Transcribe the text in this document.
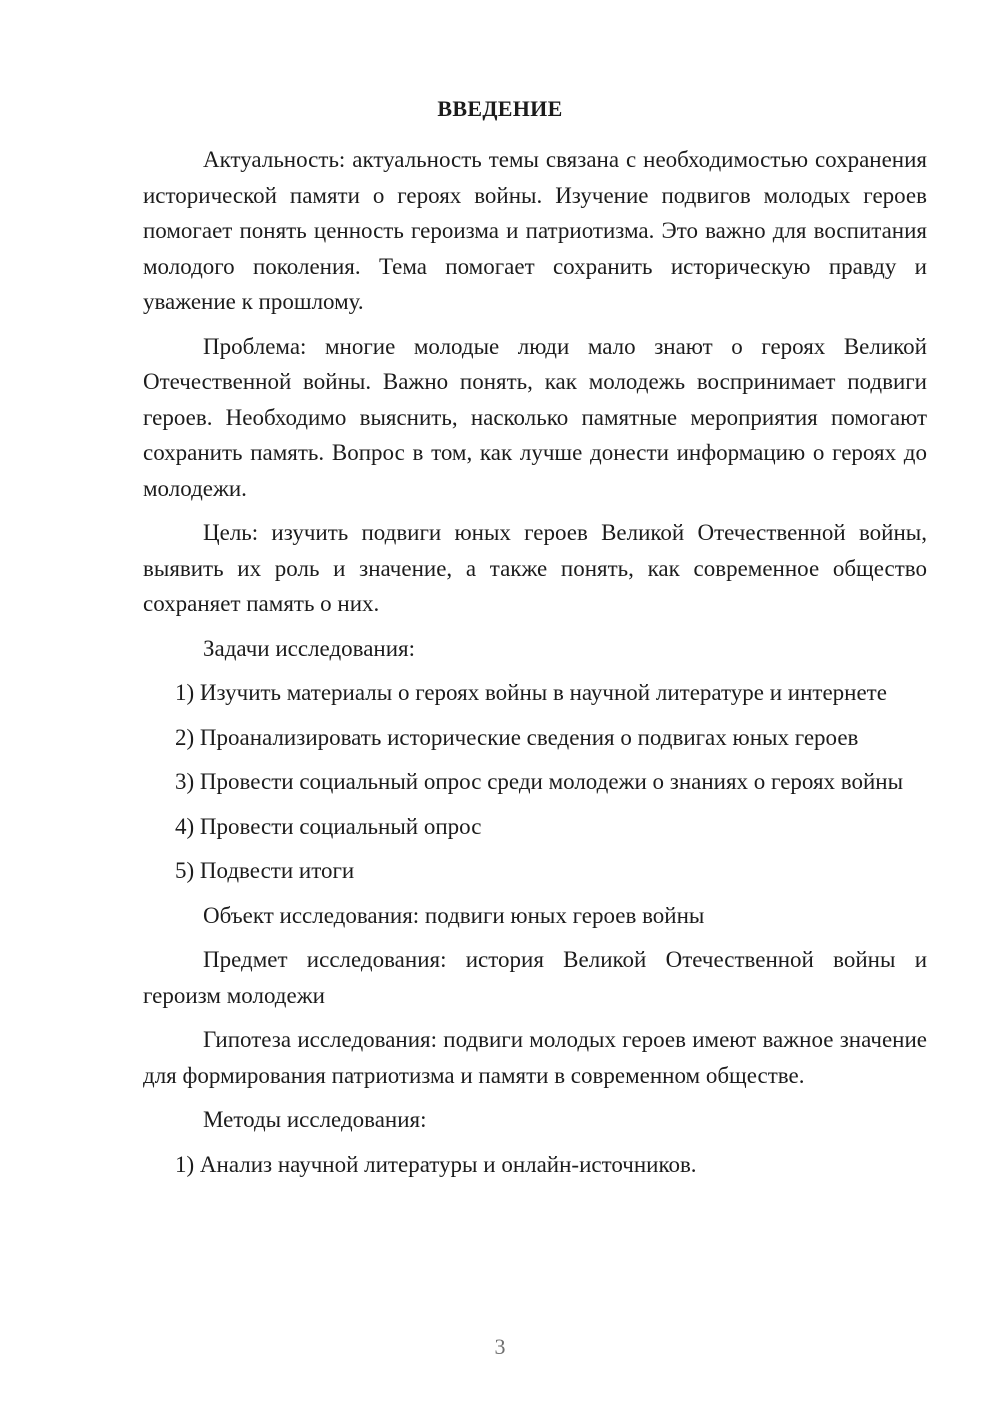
ВВЕДЕНИЕ

Актуальность: актуальность темы связана с необходимостью сохранения исторической памяти о героях войны. Изучение подвигов молодых героев помогает понять ценность героизма и патриотизма. Это важно для воспитания молодого поколения. Тема помогает сохранить историческую правду и уважение к прошлому.

Проблема: многие молодые люди мало знают о героях Великой Отечественной войны. Важно понять, как молодежь воспринимает подвиги героев. Необходимо выяснить, насколько памятные мероприятия помогают сохранить память. Вопрос в том, как лучше донести информацию о героях до молодежи.

Цель: изучить подвиги юных героев Великой Отечественной войны, выявить их роль и значение, а также понять, как современное общество сохраняет память о них.

Задачи исследования:

1) Изучить материалы о героях войны в научной литературе и интернете

2) Проанализировать исторические сведения о подвигах юных героев

3) Провести социальный опрос среди молодежи о знаниях о героях войны

4) Провести социальный опрос

5) Подвести итоги

Объект исследования: подвиги юных героев войны

Предмет исследования: история Великой Отечественной войны и героизм молодежи

Гипотеза исследования: подвиги молодых героев имеют важное значение для формирования патриотизма и памяти в современном обществе.

Методы исследования:

1) Анализ научной литературы и онлайн-источников.

3
